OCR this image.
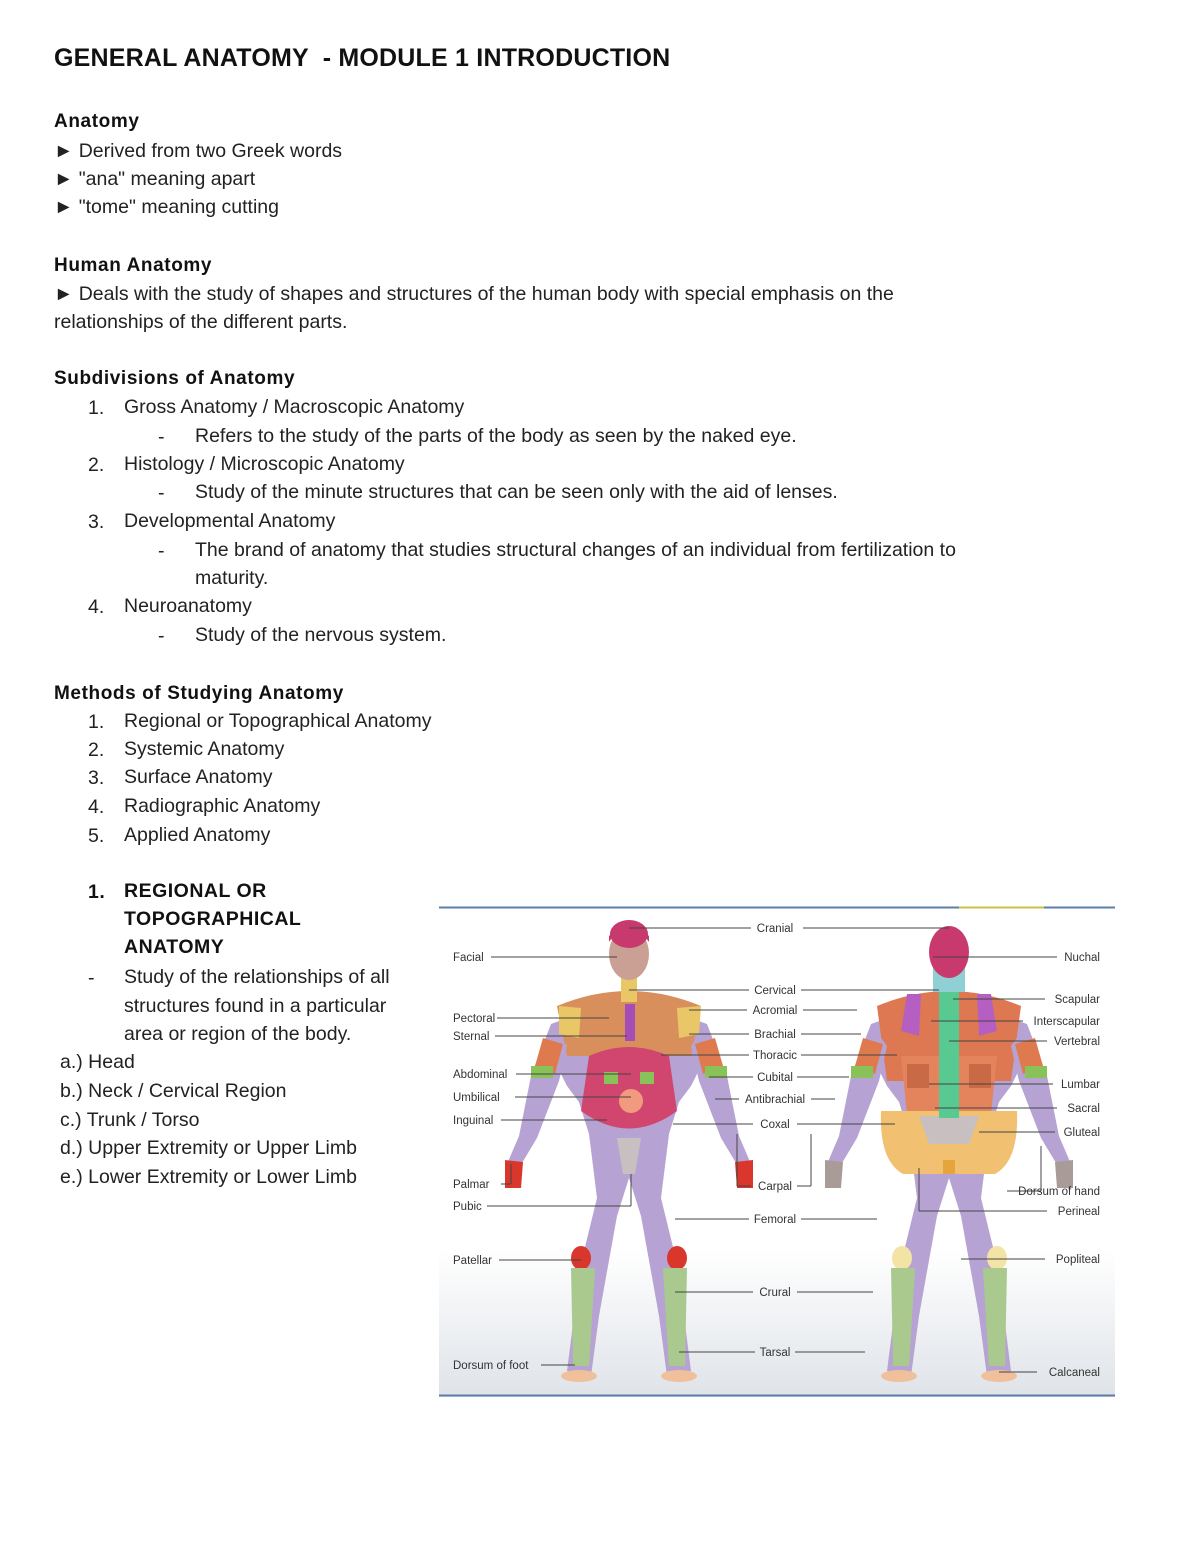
GENERAL ANATOMY  - MODULE 1 INTRODUCTION
Anatomy
► Derived from two Greek words
► "ana" meaning apart
► "tome" meaning cutting
Human Anatomy
► Deals with the study of shapes and structures of the human body with special emphasis on the
relationships of the different parts.
Subdivisions of Anatomy
1. Gross Anatomy / Macroscopic Anatomy
- Refers to the study of the parts of the body as seen by the naked eye.
2. Histology / Microscopic Anatomy
- Study of the minute structures that can be seen only with the aid of lenses.
3. Developmental Anatomy
- The brand of anatomy that studies structural changes of an individual from fertilization to
maturity.
4. Neuroanatomy
- Study of the nervous system.
Methods of Studying Anatomy
1. Regional or Topographical Anatomy
2. Systemic Anatomy
3. Surface Anatomy
4. Radiographic Anatomy
5. Applied Anatomy
1. REGIONAL OR
TOPOGRAPHICAL
ANATOMY
- Study of the relationships of all
structures found in a particular
area or region of the body.
a.) Head
b.) Neck / Cervical Region
c.) Trunk / Torso
d.) Upper Extremity or Upper Limb
e.) Lower Extremity or Lower Limb
Facial
Pectoral
Sternal
Abdominal
Umbilical
Inguinal
Palmar
Pubic
Patellar
Dorsum of foot
Cranial
Cervical
Acromial
Brachial
Thoracic
Cubital
Antibrachial
Coxal
Carpal
Femoral
Crural
Tarsal
Nuchal
Scapular
Interscapular
Vertebral
Lumbar
Sacral
Gluteal
Dorsum of hand
Perineal
Popliteal
Calcaneal
